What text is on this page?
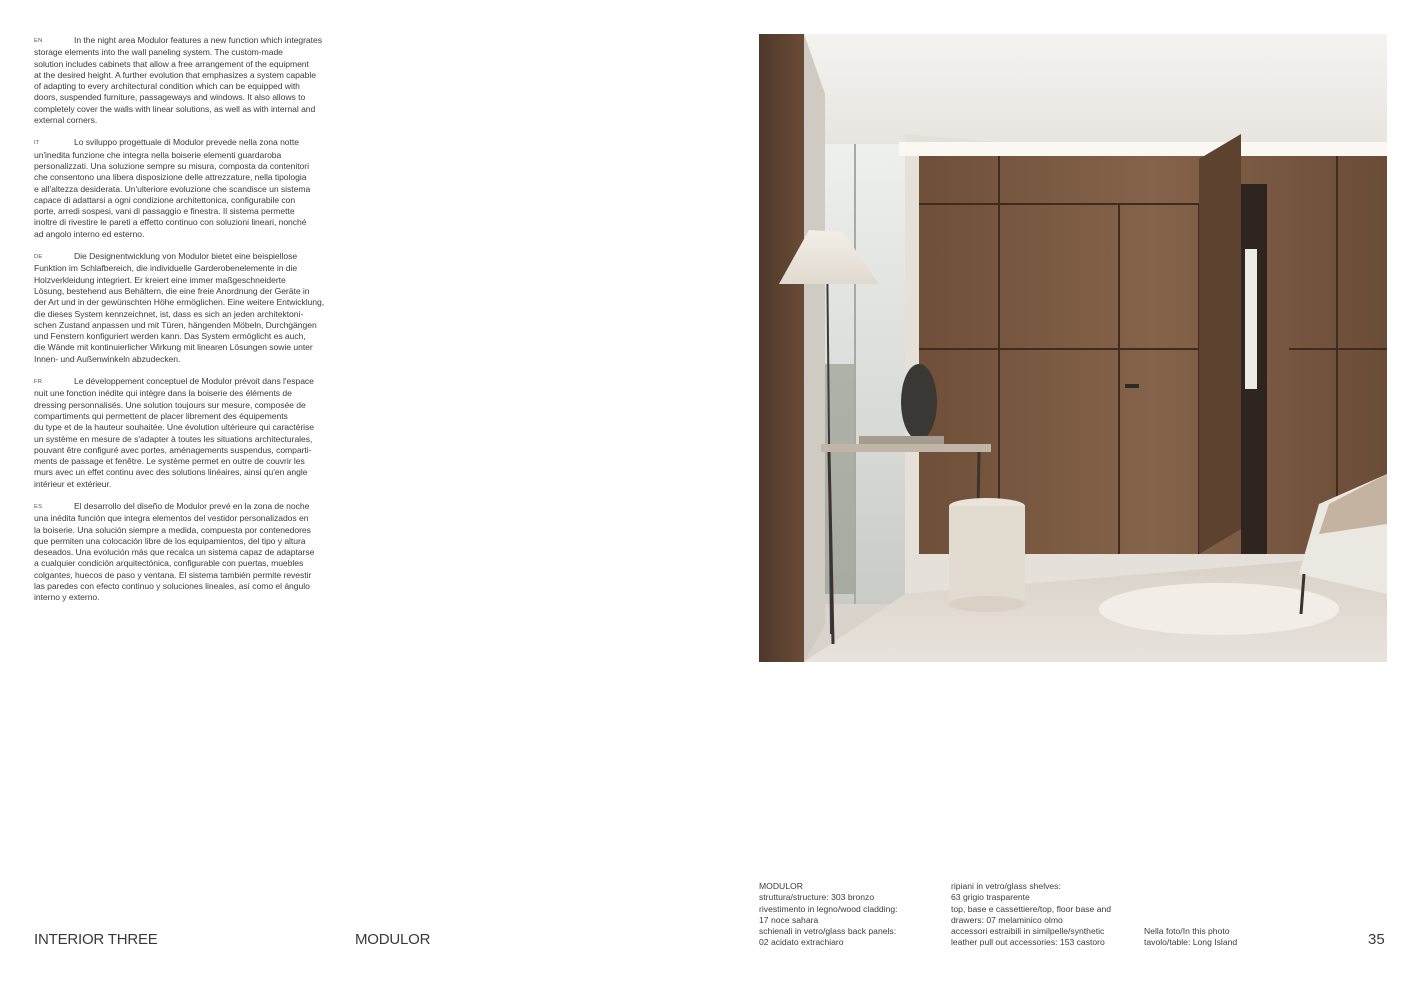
EN	In the night area Modulor features a new function which integrates
storage elements into the wall paneling system. The custom-made
solution includes cabinets that allow a free arrangement of the equipment
at the desired height. A further evolution that emphasizes a system capable
of adapting to every architectural condition which can be equipped with
doors, suspended furniture, passageways and windows. It also allows to
completely cover the walls with linear solutions, as well as with internal and
external corners.

IT	Lo sviluppo progettuale di Modulor prevede nella zona notte
un'inedita funzione che integra nella boiserie elementi guardaroba
personalizzati. Una soluzione sempre su misura, composta da contenitori
che consentono una libera disposizione delle attrezzature, nella tipologia
e all'altezza desiderata. Un'ulteriore evoluzione che scandisce un sistema
capace di adattarsi a ogni condizione architettonica, configurabile con
porte, arredi sospesi, vani di passaggio e finestra. Il sistema permette
inoltre di rivestire le pareti a effetto continuo con soluzioni lineari, nonché
ad angolo interno ed esterno.

DE	Die Designentwicklung von Modulor bietet eine beispiellose
Funktion im Schlafbereich, die individuelle Garderobenelemente in die
Holzverkleidung integriert. Er kreiert eine immer maßgeschneiderte
Lösung, bestehend aus Behältern, die eine freie Anordnung der Geräte in
der Art und in der gewünschten Höhe ermöglichen. Eine weitere Entwicklung,
die dieses System kennzeichnet, ist, dass es sich an jeden architektoni-
schen Zustand anpassen und mit Türen, hängenden Möbeln, Durchgängen
und Fenstern konfiguriert werden kann. Das System ermöglicht es auch,
die Wände mit kontinuierlicher Wirkung mit linearen Lösungen sowie unter
Innen- und Außenwinkeln abzudecken.

FR	Le développement conceptuel de Modulor prévoit dans l'espace
nuit une fonction inédite qui intègre dans la boiserie des éléments de
dressing personnalisés. Une solution toujours sur mesure, composée de
compartiments qui permettent de placer librement des équipements
du type et de la hauteur souhaitée. Une évolution ultérieure qui caractérise
un système en mesure de s'adapter à toutes les situations architecturales,
pouvant être configuré avec portes, aménagements suspendus, comparti-
ments de passage et fenêtre. Le système permet en outre de couvrir les
murs avec un effet continu avec des solutions linéaires, ainsi qu'en angle
intérieur et extérieur.

ES	El desarrollo del diseño de Modulor prevé en la zona de noche
una inédita función que integra elementos del vestidor personalizados en
la boiserie. Una solución siempre a medida, compuesta por contenedores
que permiten una colocación libre de los equipamientos, del tipo y altura
deseados. Una evolución más que recalca un sistema capaz de adaptarse
a cualquier condición arquitectónica, configurable con puertas, muebles
colgantes, huecos de paso y ventana. El sistema también permite revestir
las paredes con efecto continuo y soluciones lineales, así como el ángulo
interno y externo.

INTERIOR THREE	MODULOR
MODULOR
struttura/structure: 303 bronzo
rivestimento in legno/wood cladding:
17 noce sahara
schienali in vetro/glass back panels:
02 acidato extrachiaro
ripiani in vetro/glass shelves:
63 grigio trasparente
top, base e cassettiere/top, floor base and
drawers: 07 melaminico olmo
accessori estraibili in similpelle/synthetic
leather pull out accessories: 153 castoro
Nella foto/In this photo
tavolo/table: Long Island	35
